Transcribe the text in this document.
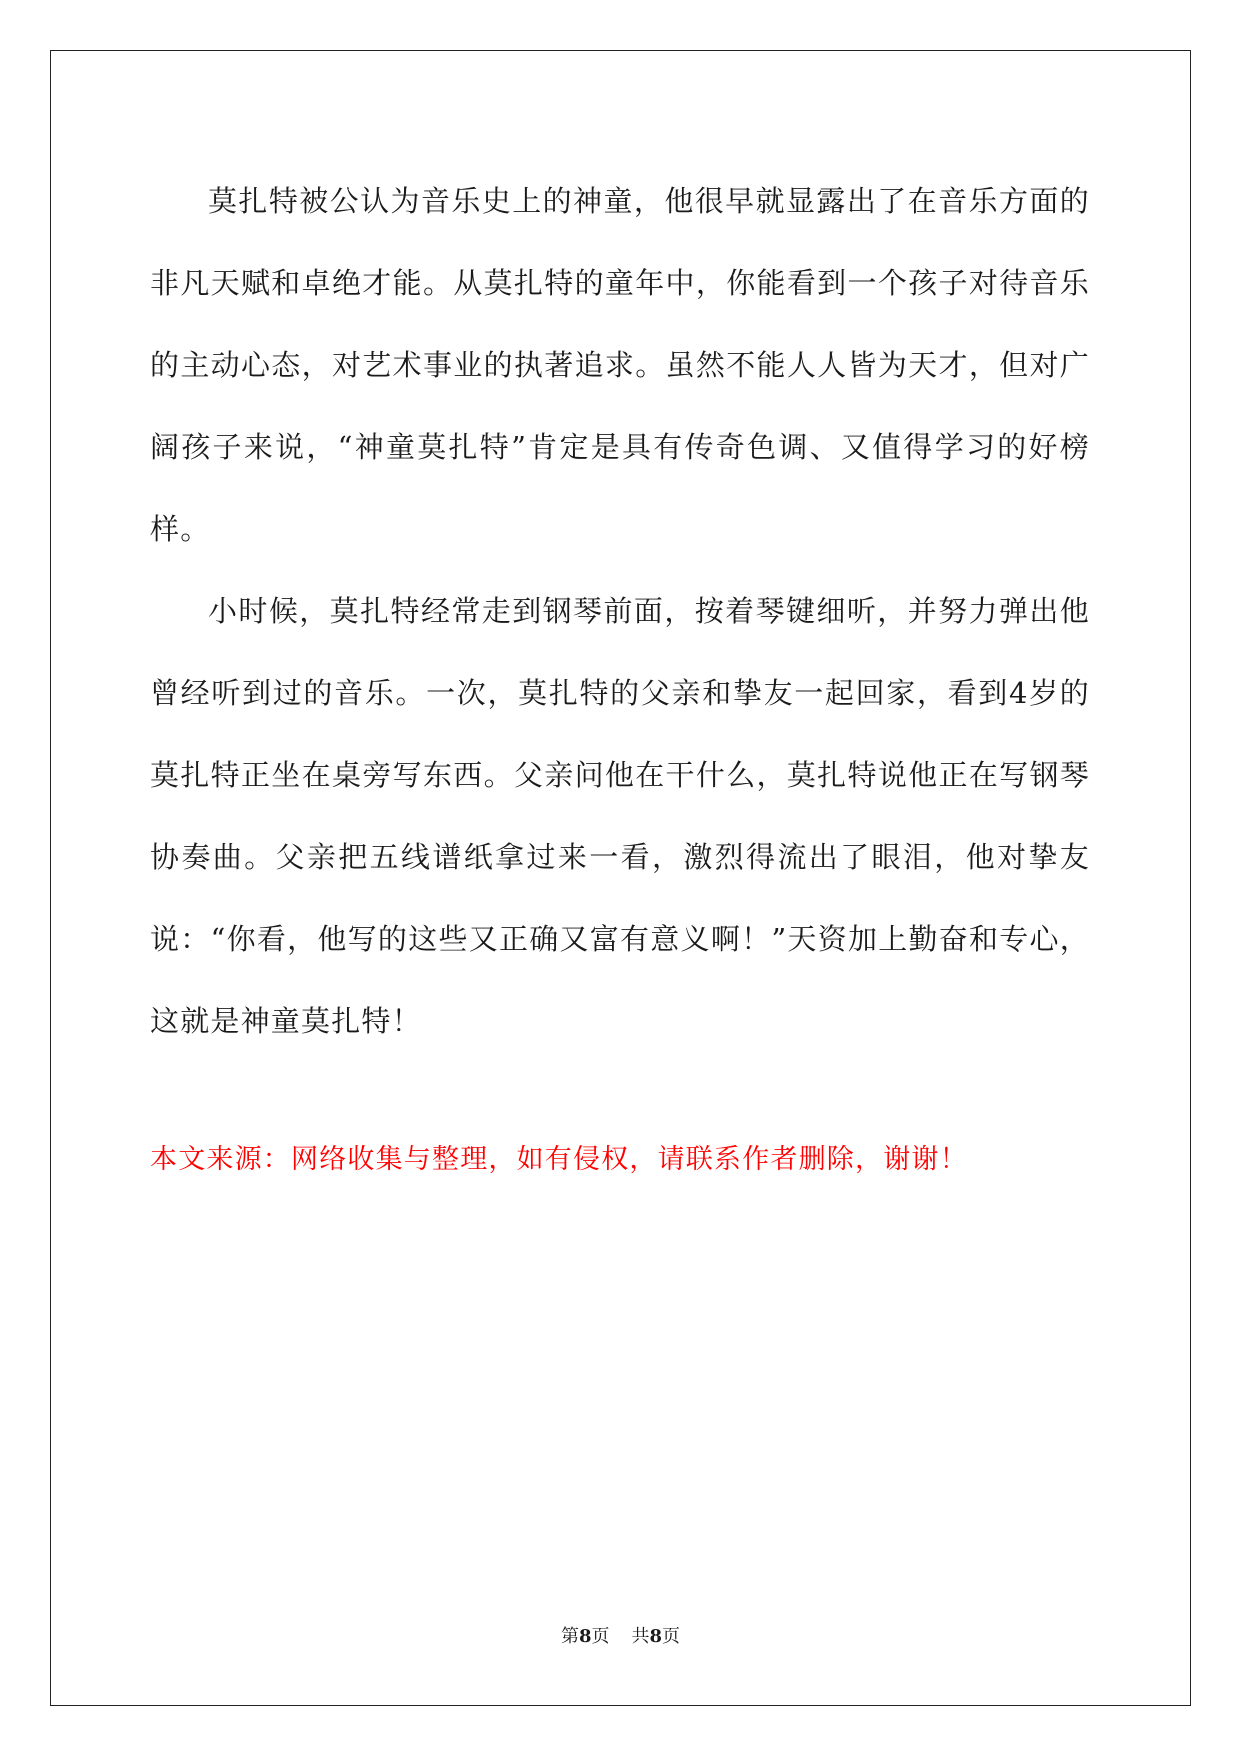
莫扎特被公认为音乐史上的神童，他很早就显露出了在音乐方面的非凡天赋和卓绝才能。从莫扎特的童年中，你能看到一个孩子对待音乐的主动心态，对艺术事业的执著追求。虽然不能人人皆为天才，但对广阔孩子来说，“神童莫扎特”肯定是具有传奇色调、又值得学习的好榜样。

小时候，莫扎特经常走到钢琴前面，按着琴键细听，并努力弹出他曾经听到过的音乐。一次，莫扎特的父亲和挚友一起回家，看到4岁的莫扎特正坐在桌旁写东西。父亲问他在干什么，莫扎特说他正在写钢琴协奏曲。父亲把五线谱纸拿过来一看，激烈得流出了眼泪，他对挚友说：“你看，他写的这些又正确又富有意义啊！”天资加上勤奋和专心，这就是神童莫扎特！

本文来源：网络收集与整理，如有侵权，请联系作者删除，谢谢！

第8页 共8页
